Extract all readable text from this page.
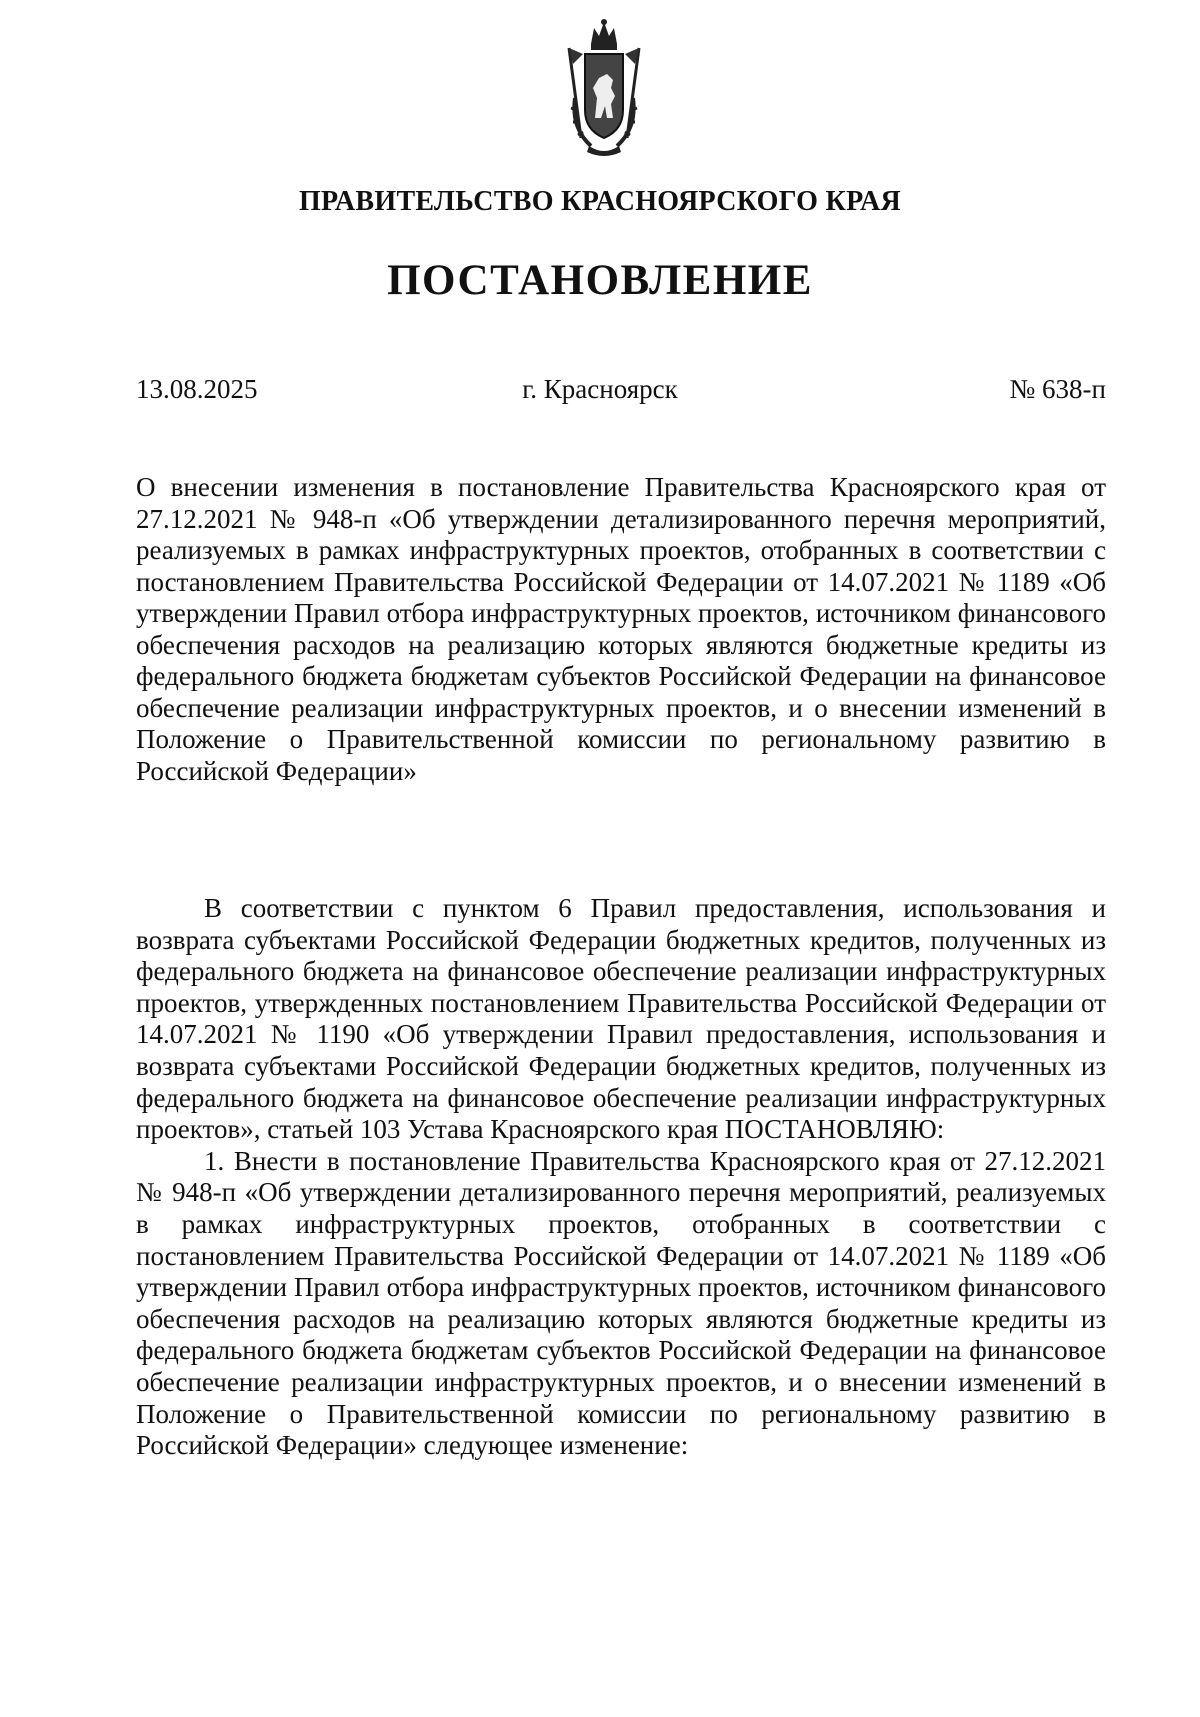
ПРАВИТЕЛЬСТВО КРАСНОЯРСКОГО КРАЯ
ПОСТАНОВЛЕНИЕ
г. Красноярск
13.08.2025	№ 638-п
О внесении изменения в постановление Правительства Красноярского края от 27.12.2021 № 948-п «Об утверждении детализированного перечня мероприятий, реализуемых в рамках инфраструктурных проектов, отобранных в соответствии с постановлением Правительства Российской Федерации от 14.07.2021 № 1189 «Об утверждении Правил отбора инфраструктурных проектов, источником финансового обеспечения расходов на реализацию которых являются бюджетные кредиты из федерального бюджета бюджетам субъектов Российской Федерации на финансовое обеспечение реализации инфраструктурных проектов, и о внесении изменений в Положение о Правительственной комиссии по региональному развитию в Российской Федерации»

В соответствии с пунктом 6 Правил предоставления, использования и возврата субъектами Российской Федерации бюджетных кредитов, полученных из федерального бюджета на финансовое обеспечение реализации инфраструктурных проектов, утвержденных постановлением Правительства Российской Федерации от 14.07.2021 № 1190 «Об утверждении Правил предоставления, использования и возврата субъектами Российской Федерации бюджетных кредитов, полученных из федерального бюджета на финансовое обеспечение реализации инфраструктурных проектов», статьей 103 Устава Красноярского края ПОСТАНОВЛЯЮ:

1. Внести в постановление Правительства Красноярского края от 27.12.2021 № 948-п «Об утверждении детализированного перечня мероприятий, реализуемых в рамках инфраструктурных проектов, отобранных в соответствии с постановлением Правительства Российской Федерации от 14.07.2021 № 1189 «Об утверждении Правил отбора инфраструктурных проектов, источником финансового обеспечения расходов на реализацию которых являются бюджетные кредиты из федерального бюджета бюджетам субъектов Российской Федерации на финансовое обеспечение реализации инфраструктурных проектов, и о внесении изменений в Положение о Правительственной комиссии по региональному развитию в Российской Федерации» следующее изменение:
